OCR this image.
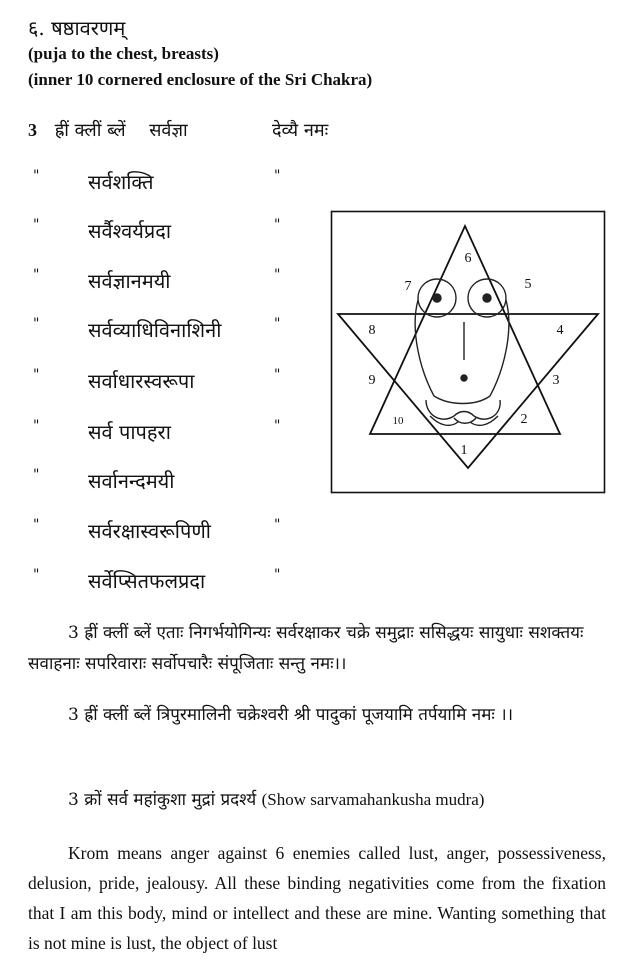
६. षष्ठावरणम्
(puja to the chest, breasts)
(inner 10 cornered enclosure of the Sri Chakra)
3 ह्रीं क्लीं ब्लें सर्वज्ञा	देव्यै नमः
" सर्वशक्ति	"
" सर्वैश्वर्यप्रदा	"
" सर्वज्ञानमयी	"
" सर्वव्याधिविनाशिनी	"
" सर्वाधारस्वरूपा	"
" सर्व पापहरा	"
" सर्वानन्दमयी
" सर्वरक्षास्वरूपिणी	"
" सर्वेप्सितफलप्रदा	"
1
2
3
4
5
6
7
8
9
10
3 ह्रीं क्लीं ब्लें एताः निगर्भयोगिन्यः सर्वरक्षाकर चक्रे समुद्राः ससिद्धयः सायुधाः सशक्तयः सवाहनाः सपरिवाराः सर्वोपचारैः संपूजिताः सन्तु नमः।।
3 ह्रीं क्लीं ब्लें त्रिपुरमालिनी चक्रेश्वरी श्री पादुकां पूजयामि तर्पयामि नमः ।।
3 क्रों सर्व महांकुशा मुद्रां प्रदर्श्य (Show sarvamahankusha mudra)
Krom means anger against 6 enemies called lust, anger, possessiveness, delusion, pride, jealousy. All these binding negativities come from the fixation that I am this body, mind or intellect and these are mine. Wanting something that is not mine is lust, the object of lust
